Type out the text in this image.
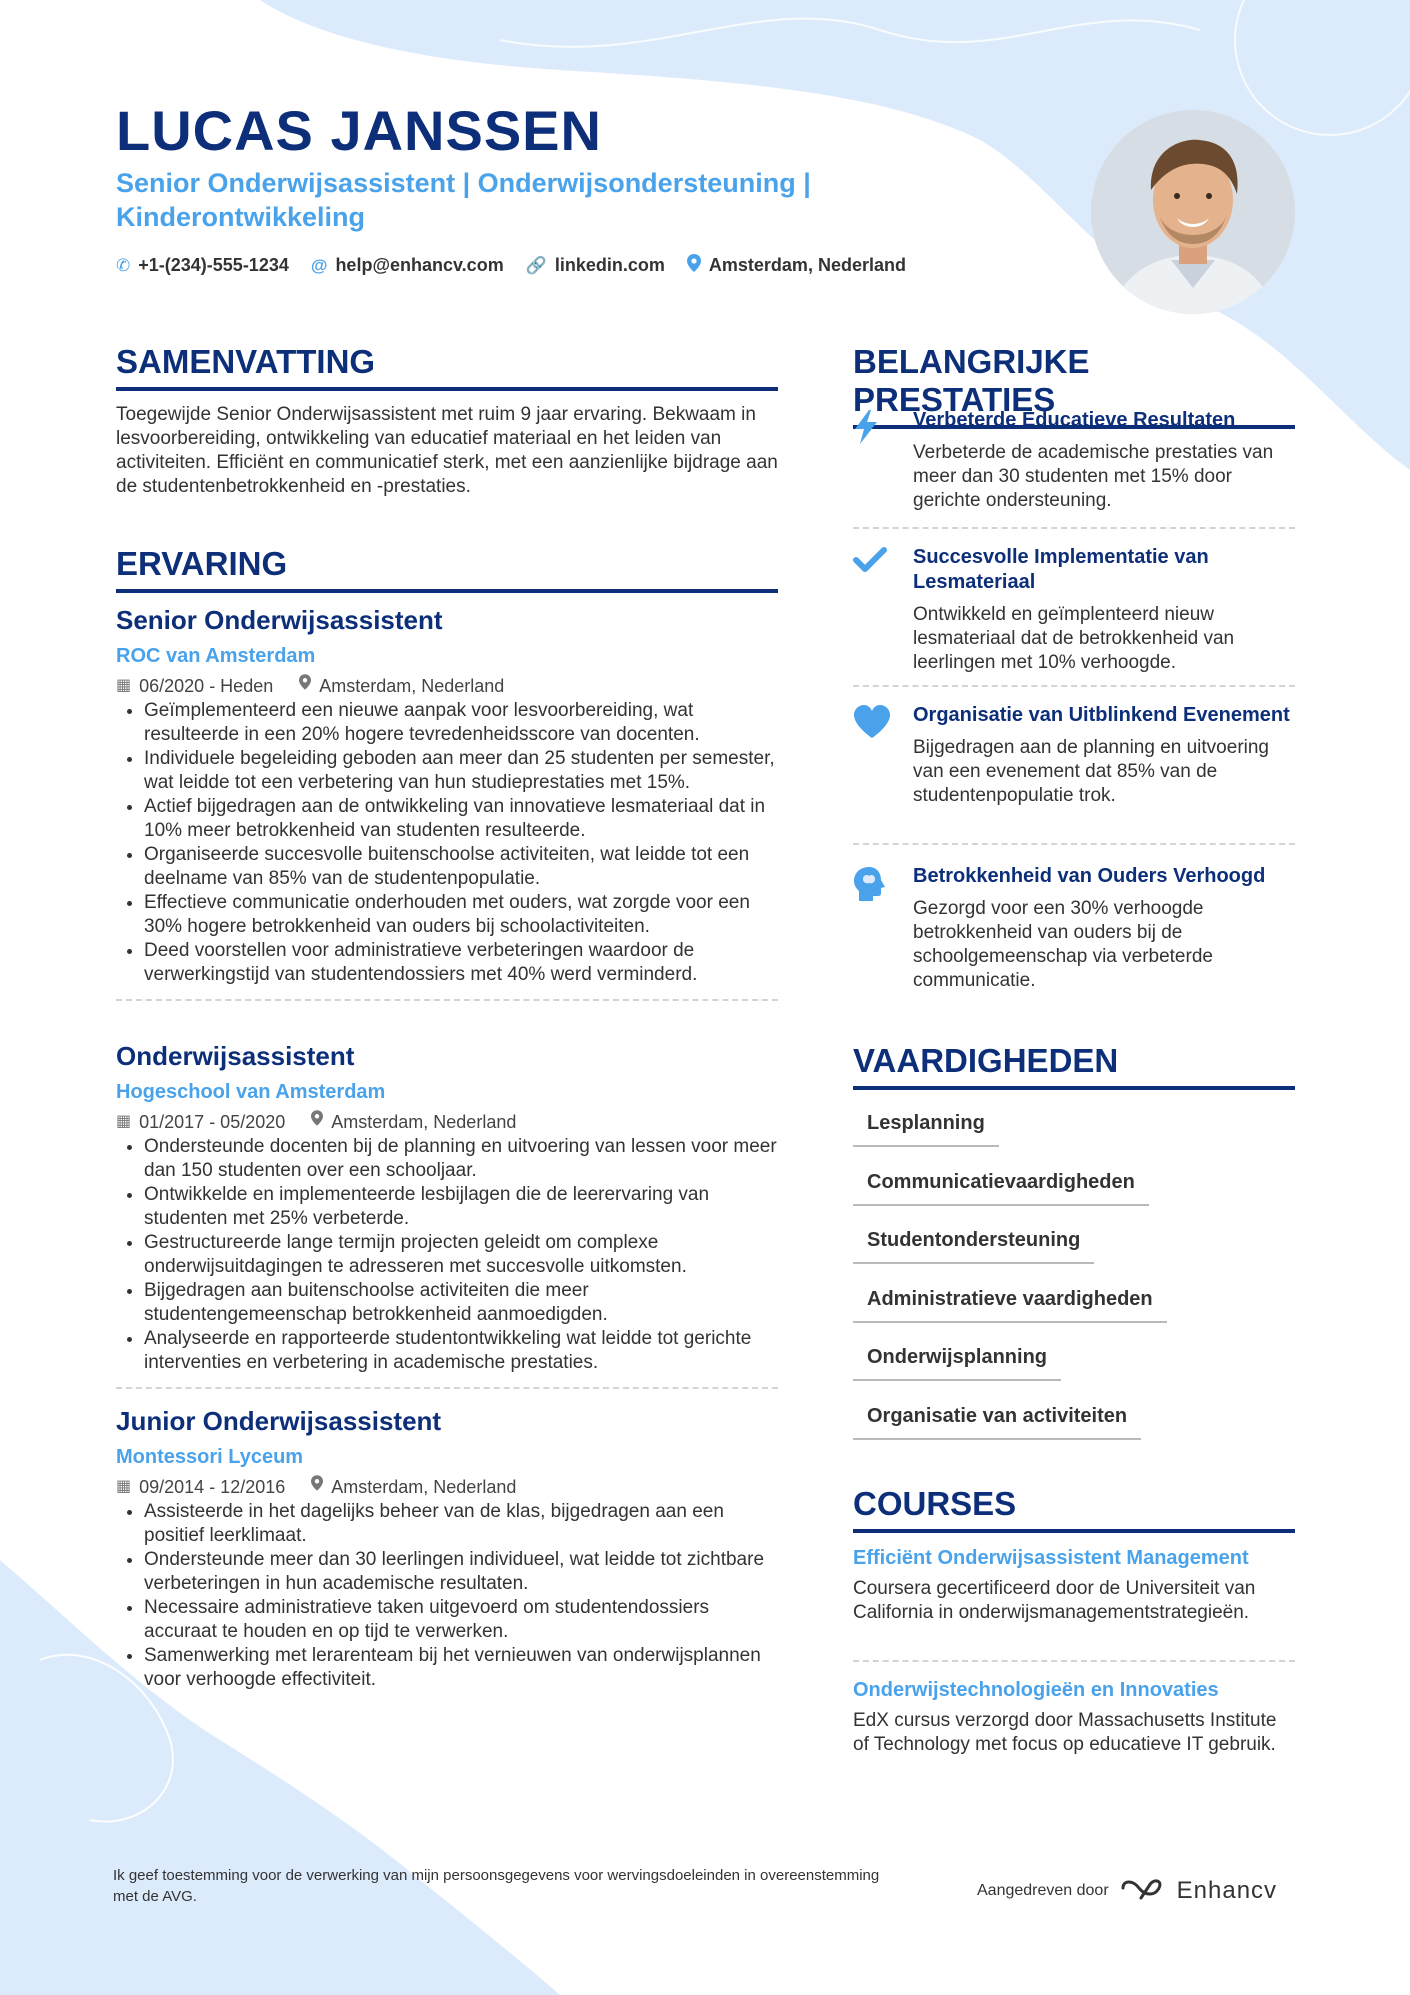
LUCAS JANSSEN

Senior Onderwijsassistent | Onderwijsondersteuning | Kinderontwikkeling

✆ +1-(234)-555-1234 @ help@enhancv.com 🔗 linkedin.com Amsterdam, Nederland
SAMENVATTING

Toegewijde Senior Onderwijsassistent met ruim 9 jaar ervaring. Bekwaam in lesvoorbereiding, ontwikkeling van educatief materiaal en het leiden van activiteiten. Efficiënt en communicatief sterk, met een aanzienlijke bijdrage aan de studentenbetrokkenheid en -prestaties.

ERVARING
Senior Onderwijsassistent
ROC van Amsterdam
▦ 06/2020 - Heden	Amsterdam, Nederland
• Geïmplementeerd een nieuwe aanpak voor lesvoorbereiding, wat resulteerde in een 20% hogere tevredenheidsscore van docenten.
• Individuele begeleiding geboden aan meer dan 25 studenten per semester, wat leidde tot een verbetering van hun studieprestaties met 15%.
• Actief bijgedragen aan de ontwikkeling van innovatieve lesmateriaal dat in 10% meer betrokkenheid van studenten resulteerde.
• Organiseerde succesvolle buitenschoolse activiteiten, wat leidde tot een deelname van 85% van de studentenpopulatie.
• Effectieve communicatie onderhouden met ouders, wat zorgde voor een 30% hogere betrokkenheid van ouders bij schoolactiviteiten.
• Deed voorstellen voor administratieve verbeteringen waardoor de verwerkingstijd van studentendossiers met 40% werd verminderd.
Onderwijsassistent
Hogeschool van Amsterdam
▦ 01/2017 - 05/2020	Amsterdam, Nederland
• Ondersteunde docenten bij de planning en uitvoering van lessen voor meer dan 150 studenten over een schooljaar.
• Ontwikkelde en implementeerde lesbijlagen die de leerervaring van studenten met 25% verbeterde.
• Gestructureerde lange termijn projecten geleidt om complexe onderwijsuitdagingen te adresseren met succesvolle uitkomsten.
• Bijgedragen aan buitenschoolse activiteiten die meer studentengemeenschap betrokkenheid aanmoedigden.
• Analyseerde en rapporteerde studentontwikkeling wat leidde tot gerichte interventies en verbetering in academische prestaties.
Junior Onderwijsassistent
Montessori Lyceum
▦ 09/2014 - 12/2016	Amsterdam, Nederland
• Assisteerde in het dagelijks beheer van de klas, bijgedragen aan een positief leerklimaat.
• Ondersteunde meer dan 30 leerlingen individueel, wat leidde tot zichtbare verbeteringen in hun academische resultaten.
• Necessaire administratieve taken uitgevoerd om studentendossiers accuraat te houden en op tijd te verwerken.
• Samenwerking met lerarenteam bij het vernieuwen van onderwijsplannen voor verhoogde effectiviteit.
BELANGRIJKE PRESTATIES

Verbeterde Educatieve Resultaten

Verbeterde de academische prestaties van meer dan 30 studenten met 15% door gerichte ondersteuning.

Succesvolle Implementatie van Lesmateriaal

Ontwikkeld en geïmplenteerd nieuw lesmateriaal dat de betrokkenheid van leerlingen met 10% verhoogde.

Organisatie van Uitblinkend Evenement

Bijgedragen aan de planning en uitvoering van een evenement dat 85% van de studentenpopulatie trok.

Betrokkenheid van Ouders Verhoogd

Gezorgd voor een 30% verhoogde betrokkenheid van ouders bij de schoolgemeenschap via verbeterde communicatie.
VAARDIGHEDEN
Lesplanning
Communicatievaardigheden
Studentondersteuning
Administratieve vaardigheden
Onderwijsplanning
Organisatie van activiteiten
COURSES

Efficiënt Onderwijsassistent Management

Coursera gecertificeerd door de Universiteit van California in onderwijsmanagementstrategieën.

Onderwijstechnologieën en Innovaties

EdX cursus verzorgd door Massachusetts Institute of Technology met focus op educatieve IT gebruik.
Ik geef toestemming voor de verwerking van mijn persoonsgegevens voor wervingsdoeleinden in overeenstemming met de AVG.	Aangedreven door	Enhancv
